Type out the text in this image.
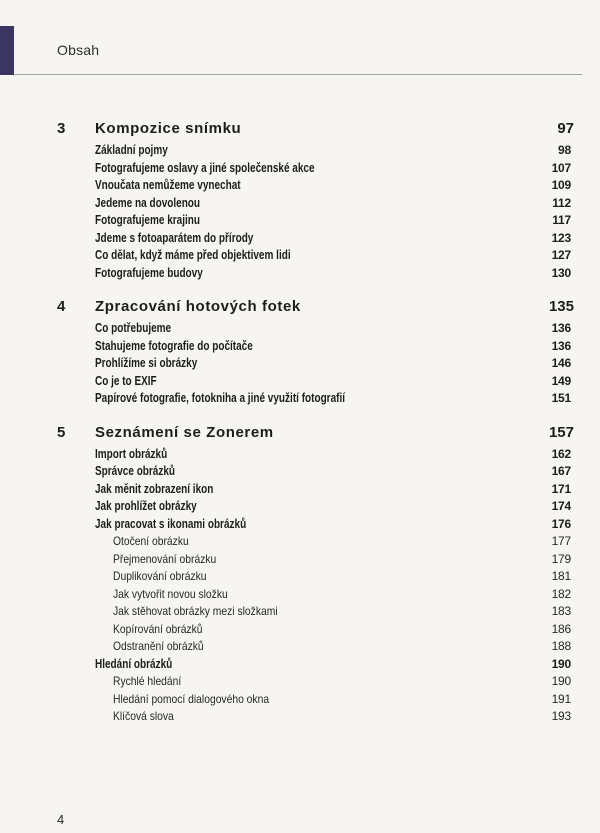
Obsah
3	Kompozice snímku	97
Základní pojmy	98
Fotografujeme oslavy a jiné společenské akce	107
Vnoučata nemůžeme vynechat	109
Jedeme na dovolenou	112
Fotografujeme krajinu	117
Jdeme s fotoaparátem do přírody	123
Co dělat, když máme před objektivem lidi	127
Fotografujeme budovy	130
4	Zpracování hotových fotek	135
Co potřebujeme	136
Stahujeme fotografie do počítače	136
Prohlížíme si obrázky	146
Co je to EXIF	149
Papírové fotografie, fotokniha a jiné využití fotografií	151
5	Seznámení se Zonerem	157
Import obrázků	162
Správce obrázků	167
Jak měnit zobrazení ikon	171
Jak prohlížet obrázky	174
Jak pracovat s ikonami obrázků	176
Otočení obrázku	177
Přejmenování obrázku	179
Duplikování obrázku	181
Jak vytvořit novou složku	182
Jak stěhovat obrázky mezi složkami	183
Kopírování obrázků	186
Odstranění obrázků	188
Hledání obrázků	190
Rychlé hledání	190
Hledání pomocí dialogového okna	191
Klíčová slova	193
4
